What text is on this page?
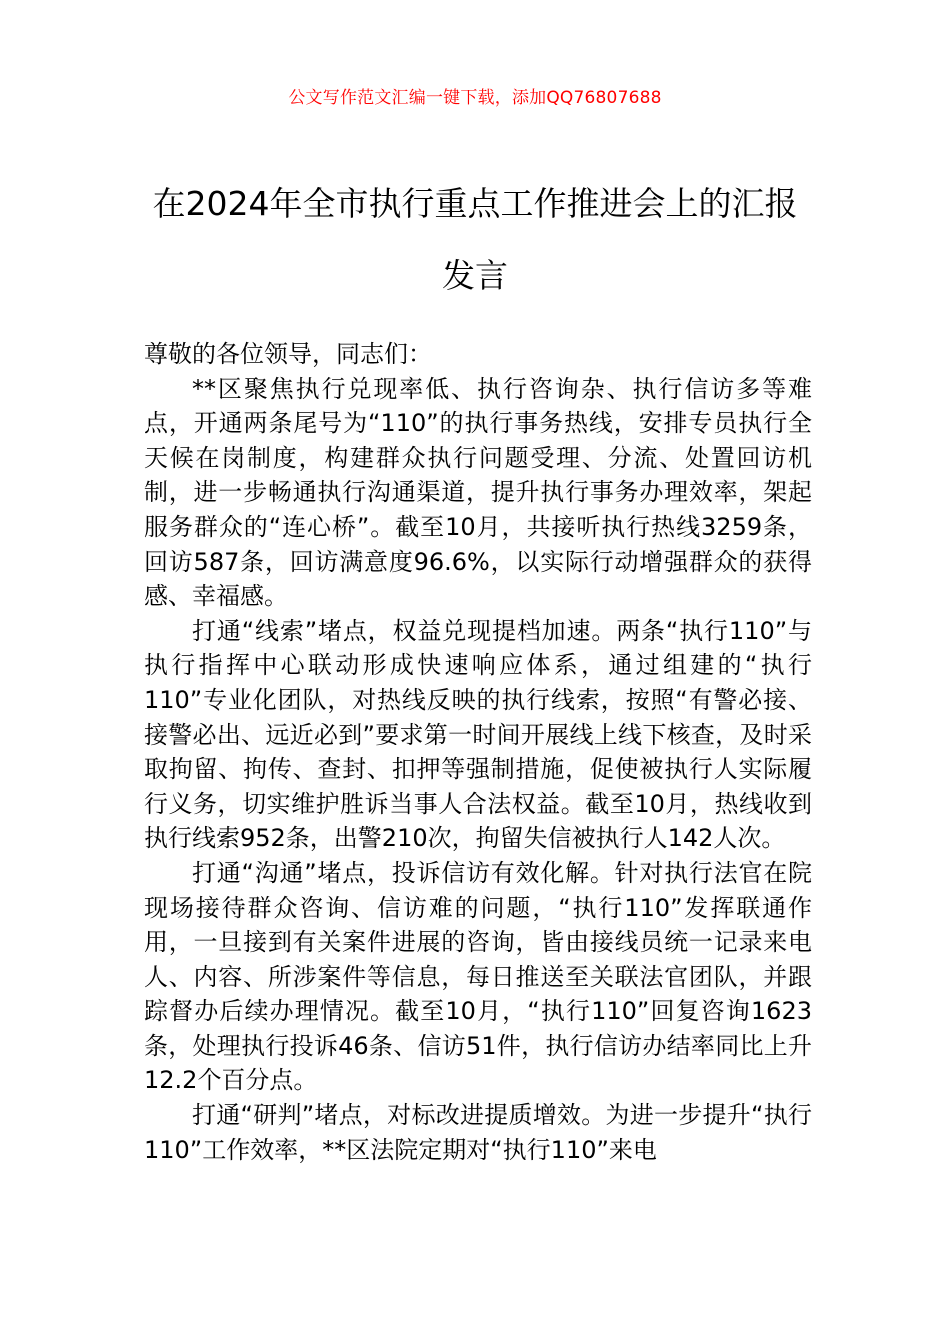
公文写作范文汇编一键下载，添加QQ76807688
在2024年全市执行重点工作推进会上的汇报发言

尊敬的各位领导，同志们：

**区聚焦执行兑现率低、执行咨询杂、执行信访多等难点，开通两条尾号为“110”的执行事务热线，安排专员执行全天候在岗制度，构建群众执行问题受理、分流、处置回访机制，进一步畅通执行沟通渠道，提升执行事务办理效率，架起服务群众的“连心桥”。截至10月，共接听执行热线3259条，回访587条，回访满意度96.6%，以实际行动增强群众的获得感、幸福感。

打通“线索”堵点，权益兑现提档加速。两条“执行110”与执行指挥中心联动形成快速响应体系，通过组建的“执行110”专业化团队，对热线反映的执行线索，按照“有警必接、接警必出、远近必到”要求第一时间开展线上线下核查，及时采取拘留、拘传、查封、扣押等强制措施，促使被执行人实际履行义务，切实维护胜诉当事人合法权益。截至10月，热线收到执行线索952条，出警210次，拘留失信被执行人142人次。

打通“沟通”堵点，投诉信访有效化解。针对执行法官在院现场接待群众咨询、信访难的问题，“执行110”发挥联通作用，一旦接到有关案件进展的咨询，皆由接线员统一记录来电人、内容、所涉案件等信息，每日推送至关联法官团队，并跟踪督办后续办理情况。截至10月，“执行110”回复咨询1623条，处理执行投诉46条、信访51件，执行信访办结率同比上升12.2个百分点。

打通“研判”堵点，对标改进提质增效。为进一步提升“执行110”工作效率，**区法院定期对“执行110”来电
